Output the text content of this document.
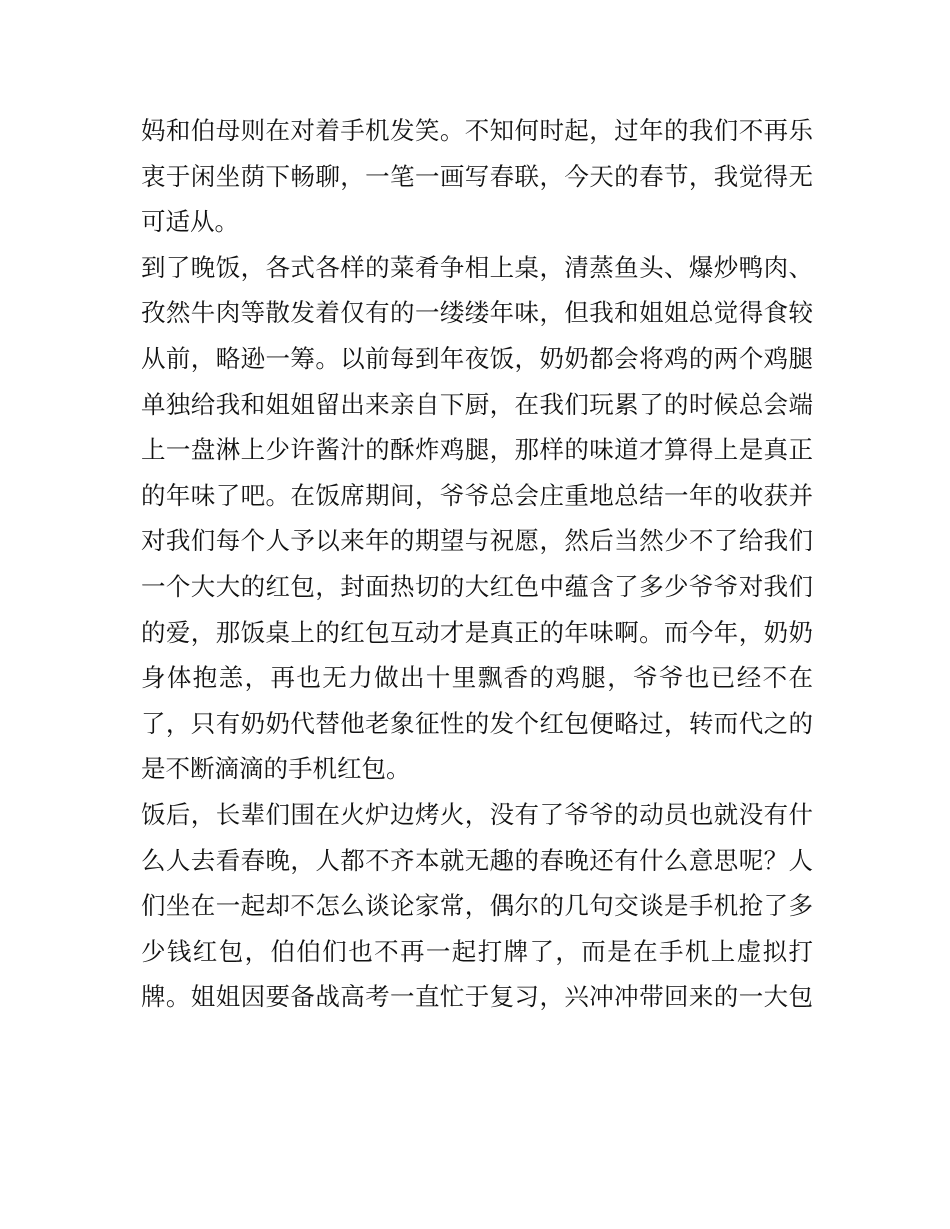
妈和伯母则在对着手机发笑。不知何时起，过年的我们不再乐
衷于闲坐荫下畅聊，一笔一画写春联，今天的春节，我觉得无
可适从。
到了晚饭，各式各样的菜肴争相上桌，清蒸鱼头、爆炒鸭肉、
孜然牛肉等散发着仅有的一缕缕年味，但我和姐姐总觉得食较
从前，略逊一筹。以前每到年夜饭，奶奶都会将鸡的两个鸡腿
单独给我和姐姐留出来亲自下厨，在我们玩累了的时候总会端
上一盘淋上少许酱汁的酥炸鸡腿，那样的味道才算得上是真正
的年味了吧。在饭席期间，爷爷总会庄重地总结一年的收获并
对我们每个人予以来年的期望与祝愿，然后当然少不了给我们
一个大大的红包，封面热切的大红色中蕴含了多少爷爷对我们
的爱，那饭桌上的红包互动才是真正的年味啊。而今年，奶奶
身体抱恙，再也无力做出十里飘香的鸡腿，爷爷也已经不在
了，只有奶奶代替他老象征性的发个红包便略过，转而代之的
是不断滴滴的手机红包。
饭后，长辈们围在火炉边烤火，没有了爷爷的动员也就没有什
么人去看春晚，人都不齐本就无趣的春晚还有什么意思呢？人
们坐在一起却不怎么谈论家常，偶尔的几句交谈是手机抢了多
少钱红包，伯伯们也不再一起打牌了，而是在手机上虚拟打
牌。姐姐因要备战高考一直忙于复习，兴冲冲带回来的一大包
